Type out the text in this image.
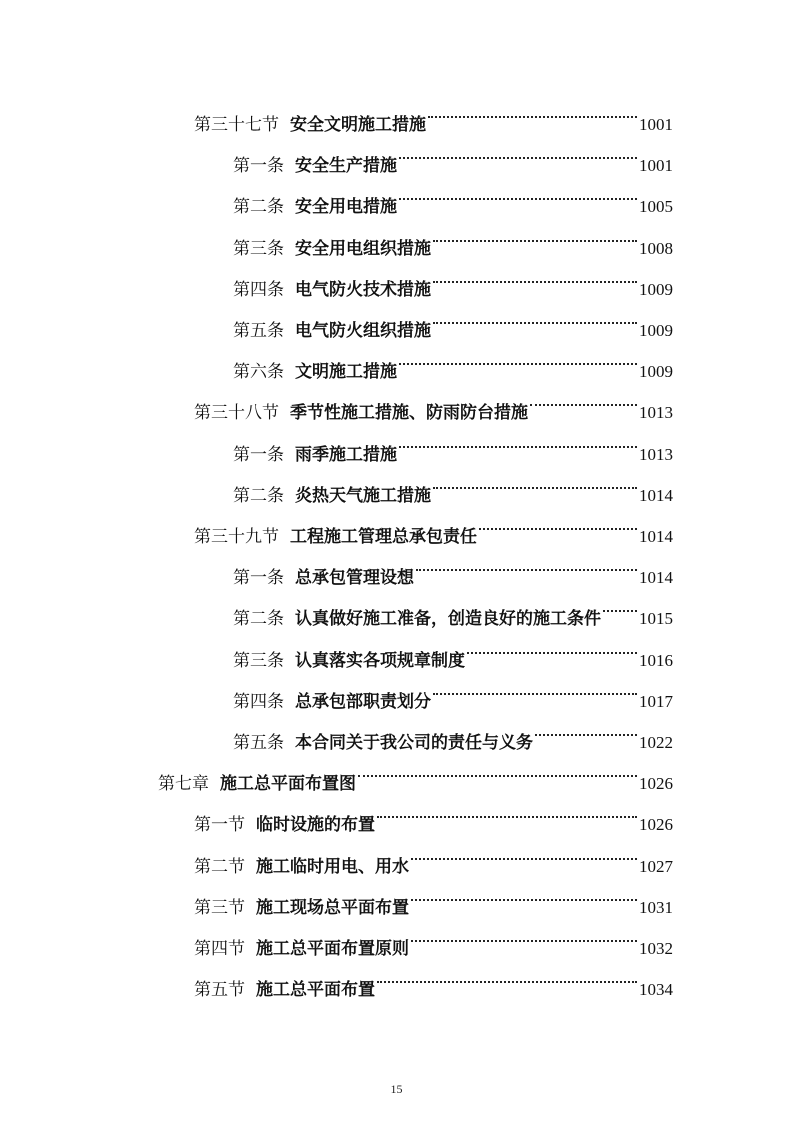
第三十七节 安全文明施工措施	1001
第一条 安全生产措施	1001
第二条 安全用电措施	1005
第三条 安全用电组织措施	1008
第四条 电气防火技术措施	1009
第五条 电气防火组织措施	1009
第六条 文明施工措施	1009
第三十八节 季节性施工措施、防雨防台措施	1013
第一条 雨季施工措施	1013
第二条 炎热天气施工措施	1014
第三十九节 工程施工管理总承包责任	1014
第一条 总承包管理设想	1014
第二条 认真做好施工准备，创造良好的施工条件 1015
第三条 认真落实各项规章制度	1016
第四条 总承包部职责划分	1017
第五条 本合同关于我公司的责任与义务	1022
第七章 施工总平面布置图	1026
第一节 临时设施的布置	1026
第二节 施工临时用电、用水	1027
第三节 施工现场总平面布置	1031
第四节 施工总平面布置原则	1032
第五节 施工总平面布置	1034
15
